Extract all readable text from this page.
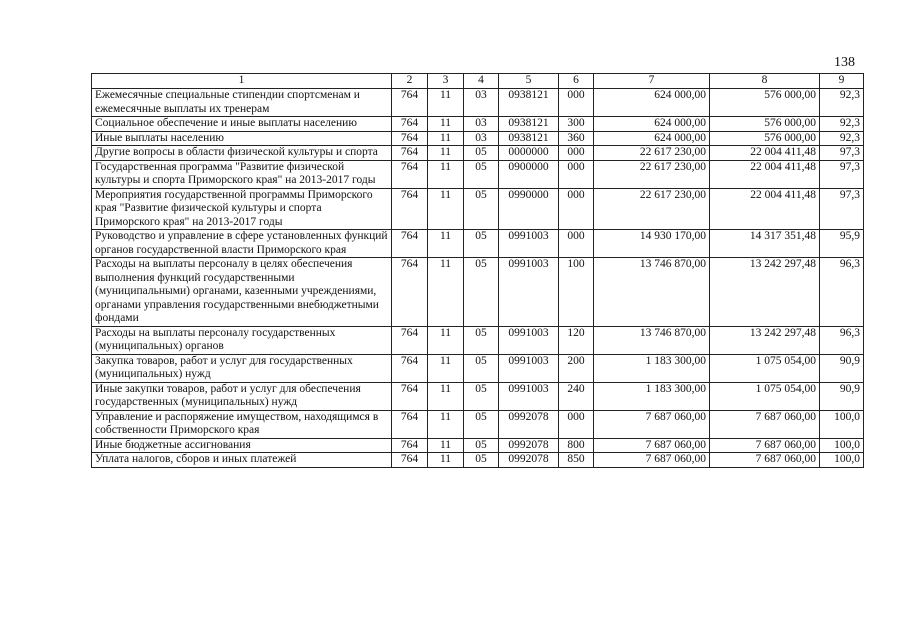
138
1	2	3	4	5	6	7	8	9
Ежемесячные специальные стипендии спортсменам и ежемесячные выплаты их тренерам	764	11	03	0938121	000	624 000,00	576 000,00	92,3
Социальное обеспечение и иные выплаты населению	764	11	03	0938121	300	624 000,00	576 000,00	92,3
Иные выплаты населению	764	11	03	0938121	360	624 000,00	576 000,00	92,3
Другие вопросы в области физической культуры и спорта	764	11	05	0000000	000	22 617 230,00	22 004 411,48	97,3
Государственная программа "Развитие физической культуры и спорта Приморского края" на 2013-2017 годы	764	11	05	0900000	000	22 617 230,00	22 004 411,48	97,3
Мероприятия государственной программы Приморского края "Развитие физической культуры и спорта Приморского края" на 2013-2017 годы	764	11	05	0990000	000	22 617 230,00	22 004 411,48	97,3
Руководство и управление в сфере установленных функций органов государственной власти Приморского края	764	11	05	0991003	000	14 930 170,00	14 317 351,48	95,9
Расходы на выплаты персоналу в целях обеспечения выполнения функций государственными (муниципальными) органами, казенными учреждениями, органами управления государственными внебюджетными фондами	764	11	05	0991003	100	13 746 870,00	13 242 297,48	96,3
Расходы на выплаты персоналу государственных (муниципальных) органов	764	11	05	0991003	120	13 746 870,00	13 242 297,48	96,3
Закупка товаров, работ и услуг для государственных (муниципальных) нужд	764	11	05	0991003	200	1 183 300,00	1 075 054,00	90,9
Иные закупки товаров, работ и услуг для обеспечения государственных (муниципальных) нужд	764	11	05	0991003	240	1 183 300,00	1 075 054,00	90,9
Управление и распоряжение имуществом, находящимся в собственности Приморского края	764	11	05	0992078	000	7 687 060,00	7 687 060,00	100,0
Иные бюджетные ассигнования	764	11	05	0992078	800	7 687 060,00	7 687 060,00	100,0
Уплата налогов, сборов и иных платежей	764	11	05	0992078	850	7 687 060,00	7 687 060,00	100,0
